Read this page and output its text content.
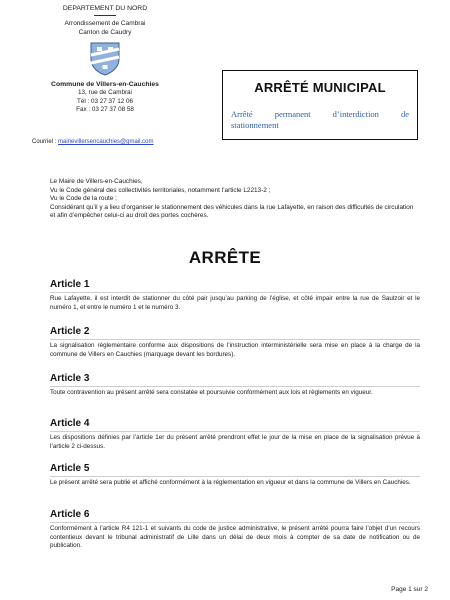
DEPARTEMENT DU NORD
Arrondissement de Cambrai
Canton de Caudry
Commune de Villers-en-Cauchies
13, rue de Cambrai
Tél : 03 27 37 12 06
Fax : 03 27 37 08 58
Courriel : mairievillersencauchies@gmail.com
ARRÊTÉ MUNICIPAL
Arrêté permanent d’interdiction de stationnement

Le Maire de Villers-en-Cauchies,

Vu le Code général des collectivités territoriales, notamment l’article L2213-2 ;

Vu le Code de la route ;

Considérant qu’il y a lieu d’organiser le stationnement des véhicules dans la rue Lafayette, en raison des difficultés de circulation et afin d’empêcher celui-ci au droit des portes cochères.

ARRÊTE
Article 1
Rue Lafayette, il est interdit de stationner du côté pair jusqu’au parking de l’église, et côté impair entre la rue de Saulzoir et le numéro 1, et entre le numéro 1 et le numéro 3.
Article 2
La signalisation réglementaire conforme aux dispositions de l’instruction interministérielle sera mise en place à la charge de la commune de Villers en Cauchies (marquage devant les bordures).
Article 3
Toute contravention au présent arrêté sera constatée et poursuivie conformément aux lois et règlements en vigueur.
Article 4
Les dispositions définies par l’article 1er du présent arrêté prendront effet le jour de la mise en place de la signalisation prévue à l’article 2 ci-dessus.
Article 5
Le présent arrêté sera publié et affiché conformément à la réglementation en vigueur et dans la commune de Villers en Cauchies.
Article 6
Conformément à l’article R4 121-1 et suivants du code de justice administrative, le présent arrêté pourra faire l’objet d’un recours contentieux devant le tribunal administratif de Lille dans un délai de deux mois à compter de sa date de notification ou de publication.
Page 1 sur 2
